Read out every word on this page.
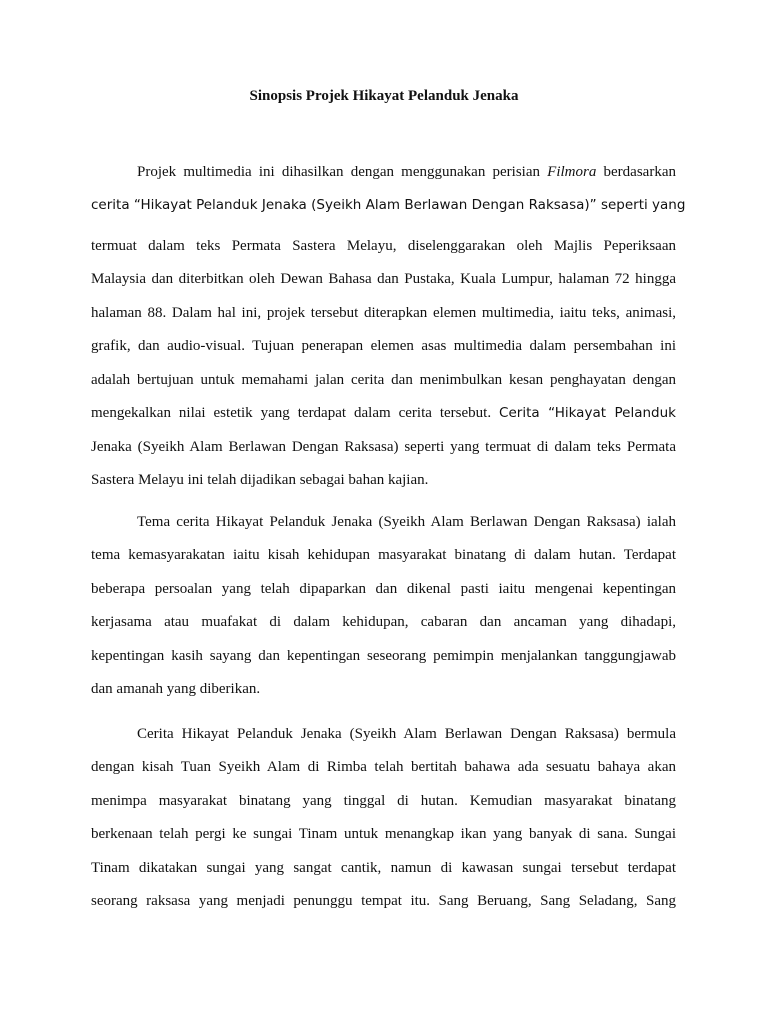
Sinopsis Projek Hikayat Pelanduk Jenaka

Projek multimedia ini dihasilkan dengan menggunakan perisian Filmora berdasarkan

cerita “Hikayat Pelanduk Jenaka (Syeikh Alam Berlawan Dengan Raksasa)” seperti yang

termuat dalam teks Permata Sastera Melayu, diselenggarakan oleh Majlis Peperiksaan

Malaysia dan diterbitkan oleh Dewan Bahasa dan Pustaka, Kuala Lumpur, halaman 72 hingga

halaman 88. Dalam hal ini, projek tersebut diterapkan elemen multimedia, iaitu teks, animasi,

grafik, dan audio-visual. Tujuan penerapan elemen asas multimedia dalam persembahan ini

adalah bertujuan untuk memahami jalan cerita dan menimbulkan kesan penghayatan dengan

mengekalkan nilai estetik yang terdapat dalam cerita tersebut. Cerita “Hikayat Pelanduk

Jenaka (Syeikh Alam Berlawan Dengan Raksasa) seperti yang termuat di dalam teks Permata

Sastera Melayu ini telah dijadikan sebagai bahan kajian.

Tema cerita Hikayat Pelanduk Jenaka (Syeikh Alam Berlawan Dengan Raksasa) ialah

tema kemasyarakatan iaitu kisah kehidupan masyarakat binatang di dalam hutan. Terdapat

beberapa persoalan yang telah dipaparkan dan dikenal pasti iaitu mengenai kepentingan

kerjasama atau muafakat di dalam kehidupan, cabaran dan ancaman yang dihadapi,

kepentingan kasih sayang dan kepentingan seseorang pemimpin menjalankan tanggungjawab

dan amanah yang diberikan.

Cerita Hikayat Pelanduk Jenaka (Syeikh Alam Berlawan Dengan Raksasa) bermula

dengan kisah Tuan Syeikh Alam di Rimba telah bertitah bahawa ada sesuatu bahaya akan

menimpa masyarakat binatang yang tinggal di hutan. Kemudian masyarakat binatang

berkenaan telah pergi ke sungai Tinam untuk menangkap ikan yang banyak di sana. Sungai

Tinam dikatakan sungai yang sangat cantik, namun di kawasan sungai tersebut terdapat

seorang raksasa yang menjadi penunggu tempat itu. Sang Beruang, Sang Seladang, Sang
